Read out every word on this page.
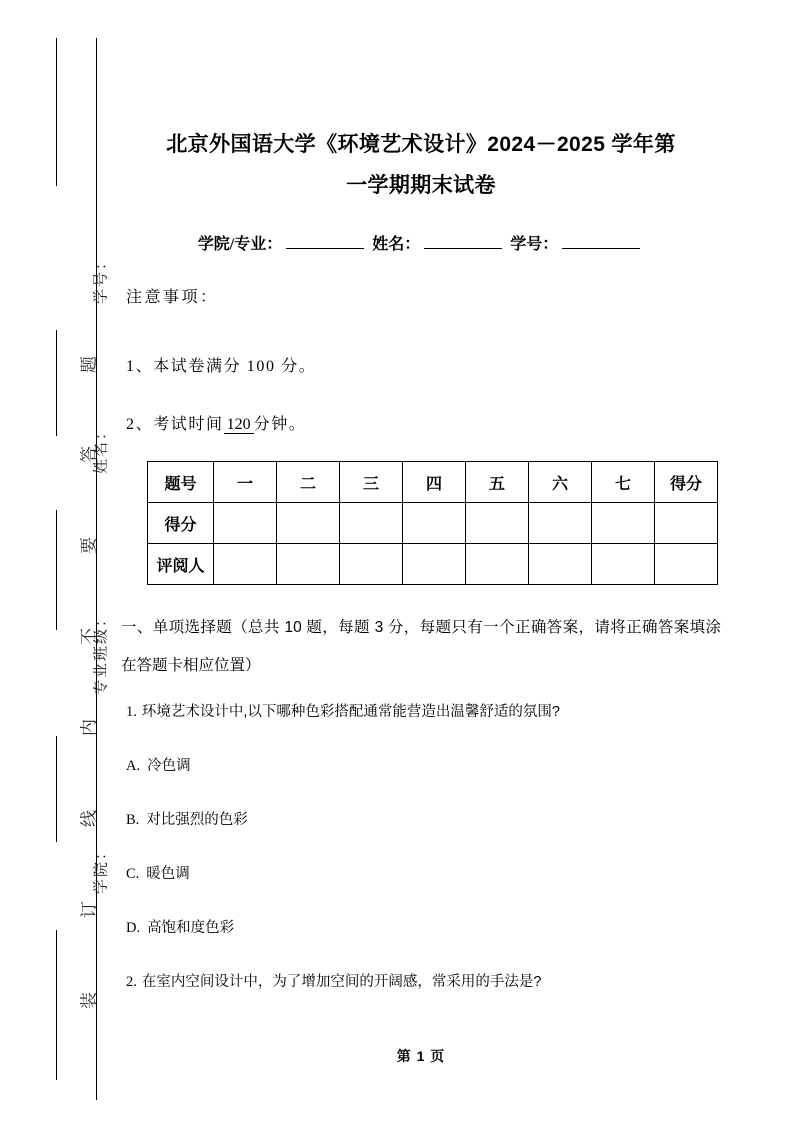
学号：
姓名：
专业班级：
学院：
题
答
要
不
内
线
订
装
北京外国语大学《环境艺术设计》2024－2025 学年第
一学期期末试卷
学院/专业：	姓名：	学号：
注意事项：
1、本试卷满分 100 分。
2、考试时间 120 分钟。
题号	一	二	三	四	五	六	七	得分
得分								
评阅人								
一、单项选择题（总共 10 题，每题 3 分，每题只有一个正确答案，请将正确答案填涂在答题卡相应位置）
1. 环境艺术设计中,以下哪种色彩搭配通常能营造出温馨舒适的氛围?
A. 冷色调
B. 对比强烈的色彩
C. 暖色调
D. 高饱和度色彩
2. 在室内空间设计中，为了增加空间的开阔感，常采用的手法是?
第 1 页
